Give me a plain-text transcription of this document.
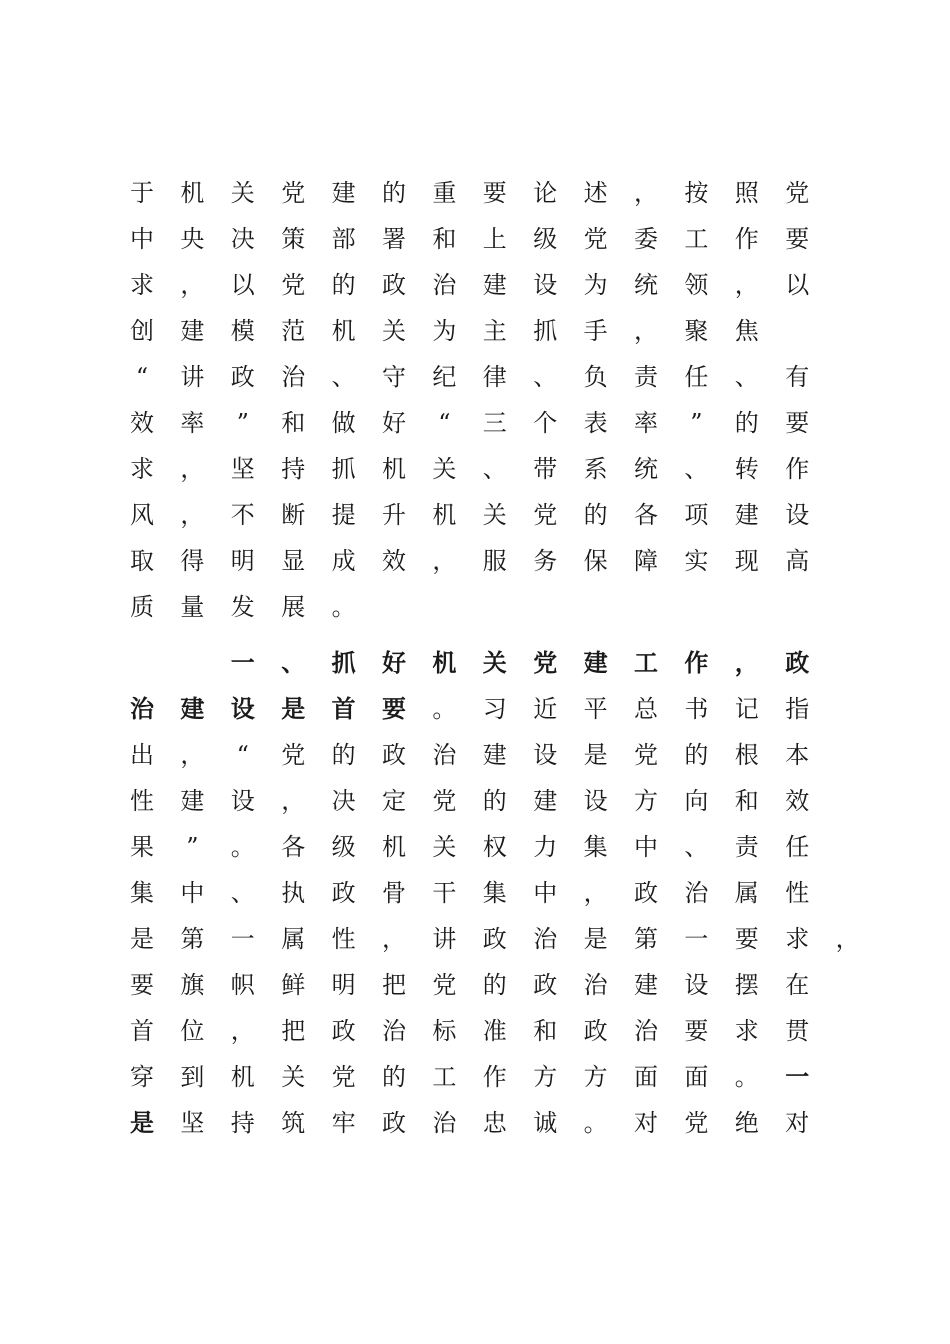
于 机 关 党 建 的 重 要 论 述 ， 按 照 党
中 央 决 策 部 署 和 上 级 党 委 工 作 要
求 ， 以 党 的 政 治 建 设 为 统 领 ， 以
创 建 模 范 机 关 为 主 抓 手 ， 聚 焦
“	讲 政 治 、 守 纪 律 、 负 责 任 、 有
效 率	”	和 做 好	“	三 个 表 率	”	的 要
求 ， 坚 持 抓 机 关 、 带 系 统 、 转 作
风 ， 不 断 提 升 机 关 党 的 各 项 建 设
取 得 明 显 成 效 ， 服 务 保 障 实 现 高
质 量 发 展 。
一 、 抓 好 机 关 党 建 工 作 ， 政
治 建 设 是 首 要 。 习 近 平 总 书 记 指
出 ，	“	党 的 政 治 建 设 是 党 的 根 本
性 建 设 ， 决 定 党 的 建 设 方 向 和 效
果	”	。 各 级 机 关 权 力 集 中 、 责 任
集 中 、 执 政 骨 干 集 中 ， 政 治 属 性
是 第 一 属 性 ， 讲 政 治 是 第 一 要 求 ，
要 旗 帜 鲜 明 把 党 的 政 治 建 设 摆 在
首 位 ， 把 政 治 标 准 和 政 治 要 求 贯
穿 到 机 关 党 的 工 作 方 方 面 面 。 一
是 坚 持 筑 牢 政 治 忠 诚 。 对 党 绝 对
